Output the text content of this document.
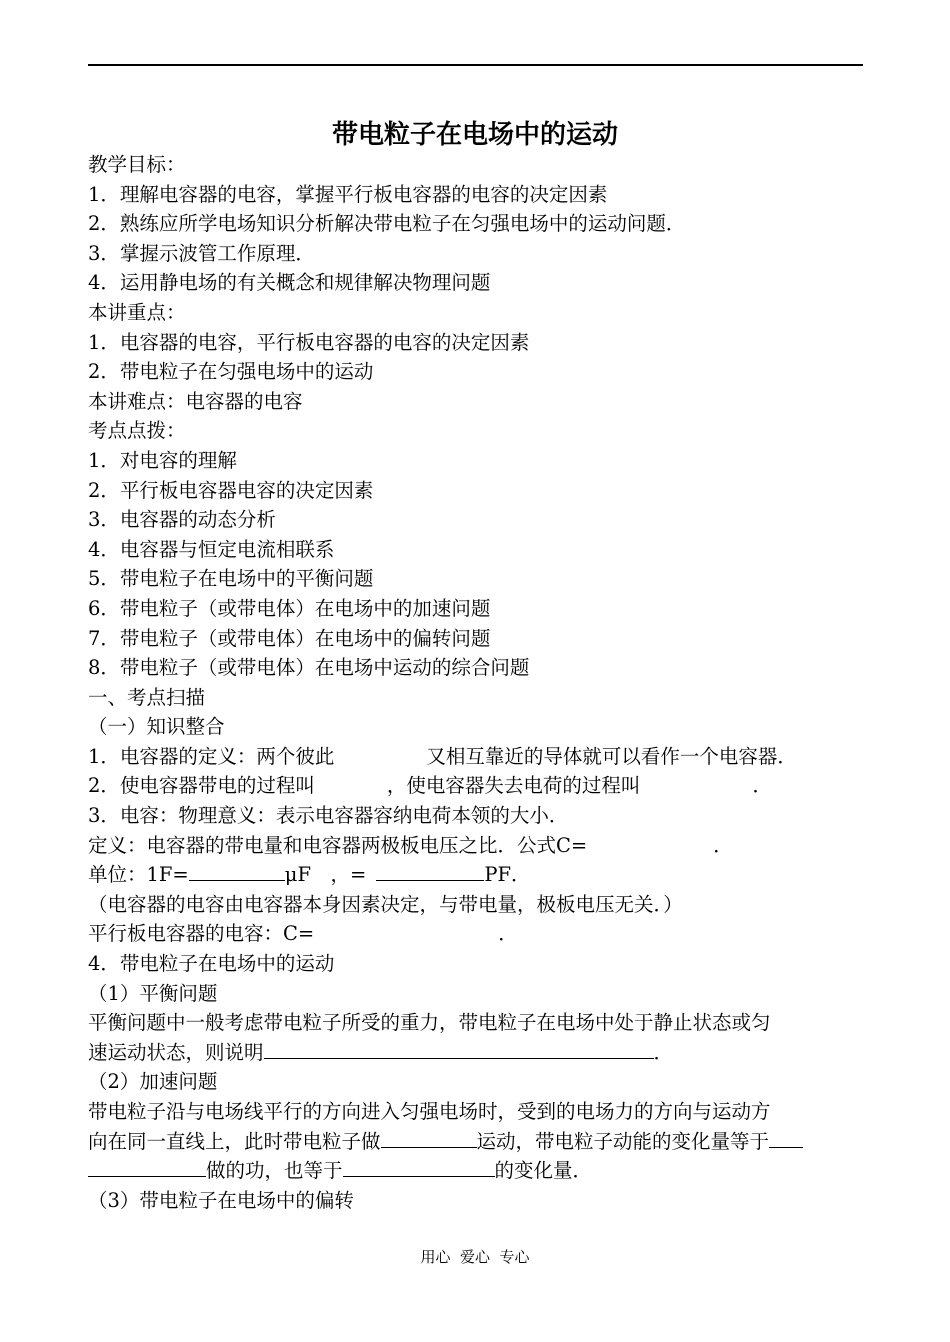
带电粒子在电场中的运动
教学目标：
1．理解电容器的电容，掌握平行板电容器的电容的决定因素
2．熟练应所学电场知识分析解决带电粒子在匀强电场中的运动问题．
3．掌握示波管工作原理．
4．运用静电场的有关概念和规律解决物理问题
本讲重点：
1．电容器的电容，平行板电容器的电容的决定因素
2．带电粒子在匀强电场中的运动
本讲难点：电容器的电容
考点点拨：
1．对电容的理解
2．平行板电容器电容的决定因素
3．电容器的动态分析
4．电容器与恒定电流相联系
5．带电粒子在电场中的平衡问题
6．带电粒子（或带电体）在电场中的加速问题
7．带电粒子（或带电体）在电场中的偏转问题
8．带电粒子（或带电体）在电场中运动的综合问题
一、考点扫描
（一）知识整合
1．电容器的定义：两个彼此	又相互靠近的导体就可以看作一个电容器．
2．使电容器带电的过程叫	，使电容器失去电荷的过程叫	．
3．电容：物理意义：表示电容器容纳电荷本领的大小．
定义：电容器的带电量和电容器两极板电压之比．公式C=	．
单位：1F=	μF　，=	PF．
（电容器的电容由电容器本身因素决定，与带电量，极板电压无关．）
平行板电容器的电容：C=	．
4．带电粒子在电场中的运动
（1）平衡问题
平衡问题中一般考虑带电粒子所受的重力，带电粒子在电场中处于静止状态或匀
速运动状态，则说明	．
（2）加速问题
带电粒子沿与电场线平行的方向进入匀强电场时，受到的电场力的方向与运动方
向在同一直线上，此时带电粒子做	运动，带电粒子动能的变化量等于
做的功，也等于	的变化量．
（3）带电粒子在电场中的偏转
用心  爱心  专心
